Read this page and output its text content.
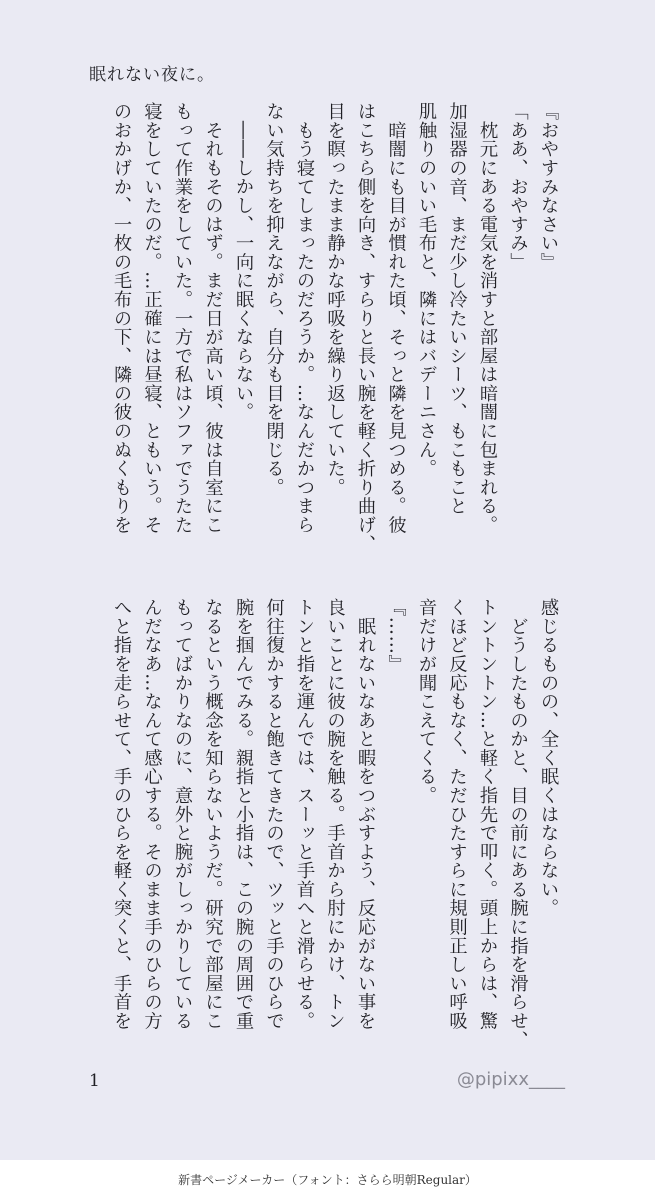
眠れない夜に。

『おやすみなさい』

「ああ、おやすみ」

　枕元にある電気を消すと部屋は暗闇に包まれる。

加湿器の音、まだ少し冷たいシーツ、もこもこと

肌触りのいい毛布と、隣にはバデーニさん。

　暗闇にも目が慣れた頃、そっと隣を見つめる。彼

はこちら側を向き、すらりと長い腕を軽く折り曲げ、

目を瞑ったまま静かな呼吸を繰り返していた。

　もう寝てしまったのだろうか。…なんだかつまら

ない気持ちを抑えながら、自分も目を閉じる。

　――しかし、一向に眠くならない。

　それもそのはず。まだ日が高い頃、彼は自室にこ

もって作業をしていた。一方で私はソファでうたた

寝をしていたのだ。…正確には昼寝、ともいう。そ

のおかげか、一枚の毛布の下、隣の彼のぬくもりを

感じるものの、全く眠くはならない。

　どうしたものかと、目の前にある腕に指を滑らせ、

トントントン…と軽く指先で叩く。頭上からは、驚

くほど反応もなく、ただひたすらに規則正しい呼吸

音だけが聞こえてくる。

『……』

　眠れないなあと暇をつぶすよう、反応がない事を

良いことに彼の腕を触る。手首から肘にかけ、トン

トンと指を運んでは、スーッと手首へと滑らせる。

何往復かすると飽きてきたので、ツッと手のひらで

腕を掴んでみる。親指と小指は、この腕の周囲で重

なるという概念を知らないようだ。研究で部屋にこ

もってばかりなのに、意外と腕がしっかりしている

んだなあ…なんて感心する。そのまま手のひらの方

へと指を走らせて、手のひらを軽く突くと、手首を

1	@pipixx____
新書ページメーカー（フォント：さらら明朝Regular）
